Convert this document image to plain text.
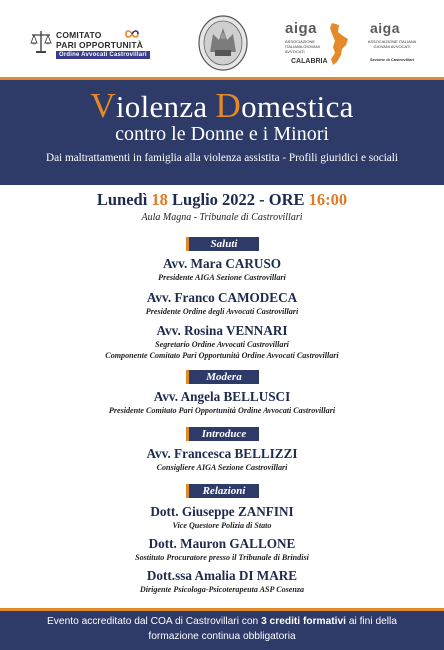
COMITATO
PARI OPPORTUNITÀ
Ordine Avvocati Castrovillari
aiga
ASSOCIAZIONE ITALIANA GIOVANI AVVOCATI
CALABRIA
aiga
ASSOCIAZIONE ITALIANA GIOVANI AVVOCATI
Sezione di Castrovillari
Violenza Domestica
contro le Donne e i Minori
Dai maltrattamenti in famiglia alla violenza assistita - Profili giuridici e sociali
Lunedì 18 Luglio 2022 - ORE 16:00
Aula Magna - Tribunale di Castrovillari
Saluti
Avv. Mara CARUSO
Presidente AIGA Sezione Castrovillari
Avv. Franco CAMODECA
Presidente Ordine degli Avvocati Castrovillari
Avv. Rosina VENNARI
Segretario Ordine Avvocati Castrovillari
Componente Comitato Pari Opportunità Ordine Avvocati Castrovillari
Modera
Avv. Angela BELLUSCI
Presidente Comitato Pari Opportunità Ordine Avvocati Castrovillari
Introduce
Avv. Francesca BELLIZZI
Consigliere AIGA Sezione Castrovillari
Relazioni
Dott. Giuseppe ZANFINI
Vice Questore Polizia di Stato
Dott. Mauron GALLONE
Sostituto Procuratore presso il Tribunale di Brindisi
Dott.ssa Amalia DI MARE
Dirigente Psicologa-Psicoterapeuta ASP Cosenza
Evento accreditato dal COA di Castrovillari con 3 crediti formativi ai fini della formazione continua obbligatoria
